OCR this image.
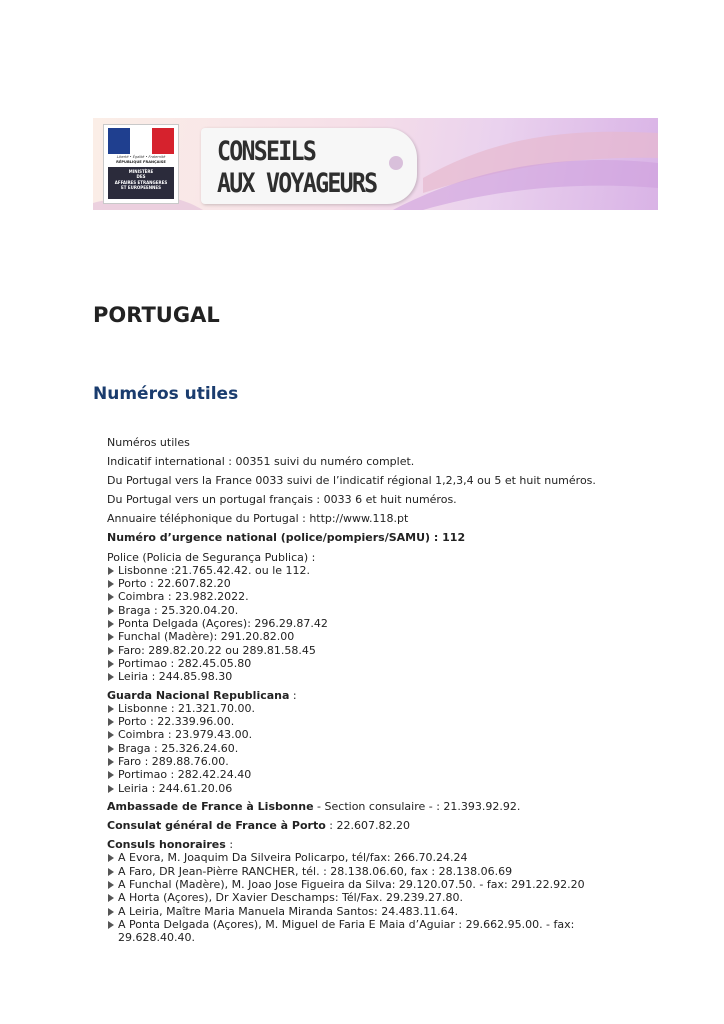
Liberté • Égalité • Fraternité
RÉPUBLIQUE FRANÇAISE
MINISTÈRE
DES
AFFAIRES ETRANGERES
ET EUROPEENNES
CONSEILS
AUX VOYAGEURS
PORTUGAL
Numéros utiles

Numéros utiles

Indicatif international : 00351 suivi du numéro complet.

Du Portugal vers la France 0033 suivi de l’indicatif régional 1,2,3,4 ou 5 et huit numéros.

Du Portugal vers un portugal français : 0033 6 et huit numéros.

Annuaire téléphonique du Portugal : http://www.118.pt

Numéro d’urgence national (police/pompiers/SAMU) : 112

Police (Policia de Segurança Publica) :

Lisbonne :21.765.42.42. ou le 112.
Porto : 22.607.82.20
Coimbra : 23.982.2022.
Braga : 25.320.04.20.
Ponta Delgada (Açores): 296.29.87.42
Funchal (Madère): 291.20.82.00
Faro: 289.82.20.22 ou 289.81.58.45
Portimao : 282.45.05.80
Leiria : 244.85.98.30

Guarda Nacional Republicana :

Lisbonne : 21.321.70.00.
Porto : 22.339.96.00.
Coimbra : 23.979.43.00.
Braga : 25.326.24.60.
Faro : 289.88.76.00.
Portimao : 282.42.24.40
Leiria : 244.61.20.06

Ambassade de France à Lisbonne - Section consulaire - : 21.393.92.92.

Consulat général de France à Porto : 22.607.82.20

Consuls honoraires :

A Evora, M. Joaquim Da Silveira Policarpo, tél/fax: 266.70.24.24
A Faro, DR Jean-Pièrre RANCHER, tél. : 28.138.06.60, fax : 28.138.06.69
A Funchal (Madère), M. Joao Jose Figueira da Silva: 29.120.07.50. - fax: 291.22.92.20
A Horta (Açores), Dr Xavier Deschamps: Tél/Fax. 29.239.27.80.
A Leiria, Maître Maria Manuela Miranda Santos: 24.483.11.64.
A Ponta Delgada (Açores), M. Miguel de Faria E Maia d’Aguiar : 29.662.95.00. - fax: 29.628.40.40.
